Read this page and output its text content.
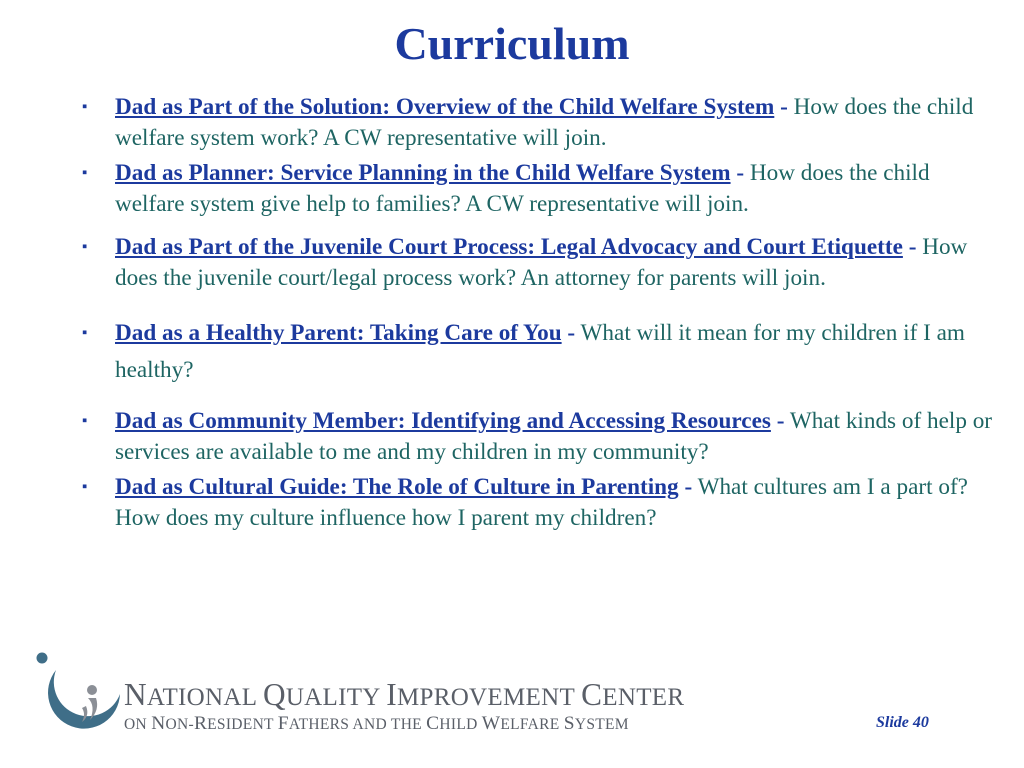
Curriculum
▪ Dad as Part of the Solution: Overview of the Child Welfare System - How does the child welfare system work? A CW representative will join.
▪ Dad as Planner: Service Planning in the Child Welfare System - How does the child welfare system give help to families? A CW representative will join.
▪ Dad as Part of the Juvenile Court Process: Legal Advocacy and Court Etiquette - How does the juvenile court/legal process work? An attorney for parents will join.
▪ Dad as a Healthy Parent: Taking Care of You - What will it mean for my children if I am healthy?
▪ Dad as Community Member: Identifying and Accessing Resources - What kinds of help or services are available to me and my children in my community?
▪ Dad as Cultural Guide: The Role of Culture in Parenting - What cultures am I a part of? How does my culture influence how I parent my children?
NATIONAL QUALITY IMPROVEMENT CENTER
ON NON-RESIDENT FATHERS AND THE CHILD WELFARE SYSTEM	Slide 40
